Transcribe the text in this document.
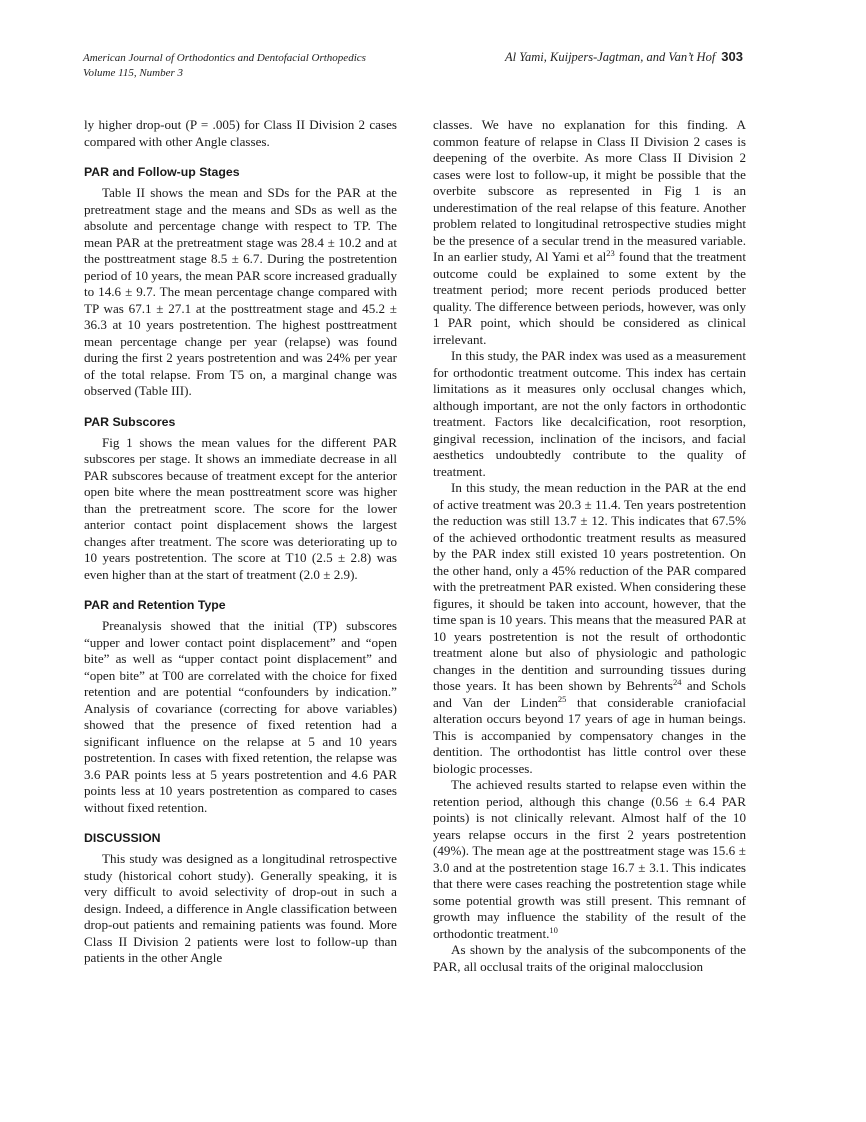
American Journal of Orthodontics and Dentofacial Orthopedics
Volume 115, Number 3
Al Yami, Kuijpers-Jagtman, and Van’t Hof 303

ly higher drop-out (P = .005) for Class II Division 2 cases compared with other Angle classes.

PAR and Follow-up Stages

Table II shows the mean and SDs for the PAR at the pretreatment stage and the means and SDs as well as the absolute and percentage change with respect to TP. The mean PAR at the pretreatment stage was 28.4 ± 10.2 and at the posttreatment stage 8.5 ± 6.7. During the postretention period of 10 years, the mean PAR score increased gradually to 14.6 ± 9.7. The mean percentage change compared with TP was 67.1 ± 27.1 at the posttreatment stage and 45.2 ± 36.3 at 10 years postretention. The highest posttreatment mean percentage change per year (relapse) was found during the first 2 years postretention and was 24% per year of the total relapse. From T5 on, a marginal change was observed (Table III).

PAR Subscores

Fig 1 shows the mean values for the different PAR subscores per stage. It shows an immediate decrease in all PAR subscores because of treatment except for the anterior open bite where the mean posttreatment score was higher than the pretreatment score. The score for the lower anterior contact point displacement shows the largest changes after treatment. The score was deteriorating up to 10 years postretention. The score at T10 (2.5 ± 2.8) was even higher than at the start of treatment (2.0 ± 2.9).

PAR and Retention Type

Preanalysis showed that the initial (TP) subscores “upper and lower contact point displacement” and “open bite” as well as “upper contact point displacement” and “open bite” at T00 are correlated with the choice for fixed retention and are potential “confounders by indication.” Analysis of covariance (correcting for above variables) showed that the presence of fixed retention had a significant influence on the relapse at 5 and 10 years postretention. In cases with fixed retention, the relapse was 3.6 PAR points less at 5 years postretention and 4.6 PAR points less at 10 years postretention as compared to cases without fixed retention.

DISCUSSION

This study was designed as a longitudinal retrospective study (historical cohort study). Generally speaking, it is very difficult to avoid selectivity of drop-out in such a design. Indeed, a difference in Angle classification between drop-out patients and remaining patients was found. More Class II Division 2 patients were lost to follow-up than patients in the other Angle

classes. We have no explanation for this finding. A common feature of relapse in Class II Division 2 cases is deepening of the overbite. As more Class II Division 2 cases were lost to follow-up, it might be possible that the overbite subscore as represented in Fig 1 is an underestimation of the real relapse of this feature. Another problem related to longitudinal retrospective studies might be the presence of a secular trend in the measured variable. In an earlier study, Al Yami et $al^{23}$ found that the treatment outcome could be explained to some extent by the treatment period; more recent periods produced better quality. The difference between periods, however, was only 1 PAR point, which should be considered as clinical irrelevant.

In this study, the PAR index was used as a measurement for orthodontic treatment outcome. This index has certain limitations as it measures only occlusal changes which, although important, are not the only factors in orthodontic treatment. Factors like decalcification, root resorption, gingival recession, inclination of the incisors, and facial aesthetics undoubtedly contribute to the quality of treatment.

In this study, the mean reduction in the PAR at the end of active treatment was 20.3 ± 11.4. Ten years postretention the reduction was still 13.7 ± 12. This indicates that 67.5% of the achieved orthodontic treatment results as measured by the PAR index still existed 10 years postretention. On the other hand, only a 45% reduction of the PAR compared with the pretreatment PAR existed. When considering these figures, it should be taken into account, however, that the time span is 10 years. This means that the measured PAR at 10 years postretention is not the result of orthodontic treatment alone but also of physiologic and pathologic changes in the dentition and surrounding tissues during those years. It has been shown by Behrents$^{24}$ and Schols and Van der Linden$^{25}$ that considerable craniofacial alteration occurs beyond 17 years of age in human beings. This is accompanied by compensatory changes in the dentition. The orthodontist has little control over these biologic processes.

The achieved results started to relapse even within the retention period, although this change (0.56 ± 6.4 PAR points) is not clinically relevant. Almost half of the 10 years relapse occurs in the first 2 years postretention (49%). The mean age at the posttreatment stage was 15.6 ± 3.0 and at the postretention stage 16.7 ± 3.1. This indicates that there were cases reaching the postretention stage while some potential growth was still present. This remnant of growth may influence the stability of the result of the orthodontic treatment.$^{10}$

As shown by the analysis of the subcomponents of the PAR, all occlusal traits of the original malocclusion
